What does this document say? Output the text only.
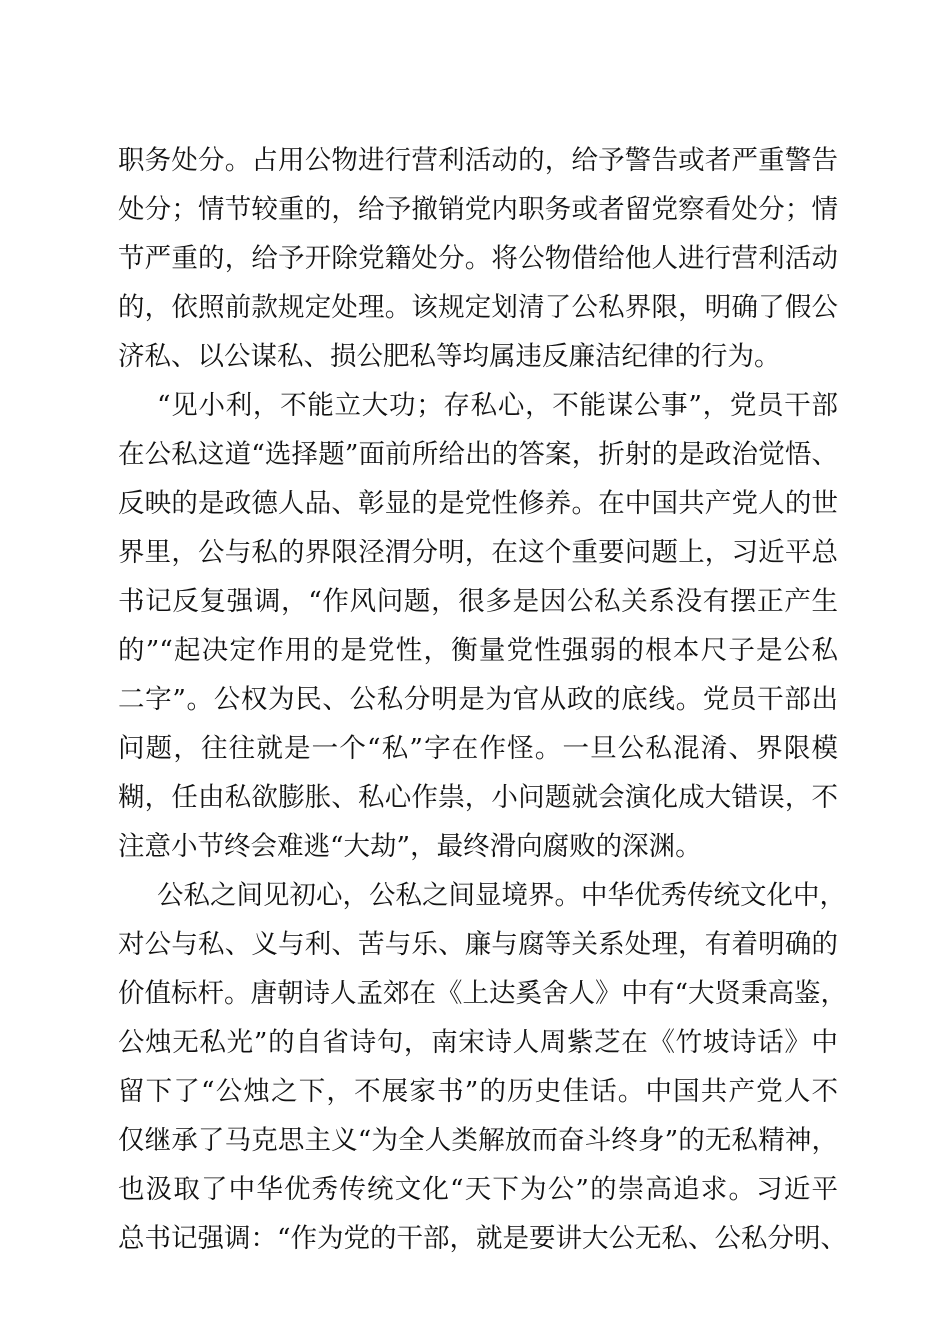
职务处分。占用公物进行营利活动的，给予警告或者严重警告
处分；情节较重的，给予撤销党内职务或者留党察看处分；情
节严重的，给予开除党籍处分。将公物借给他人进行营利活动
的，依照前款规定处理。该规定划清了公私界限，明确了假公
济私、以公谋私、损公肥私等均属违反廉洁纪律的行为。
“见小利，不能立大功；存私心，不能谋公事”，党员干部
在公私这道“选择题”面前所给出的答案，折射的是政治觉悟、
反映的是政德人品、彰显的是党性修养。在中国共产党人的世
界里，公与私的界限泾渭分明，在这个重要问题上，习近平总
书记反复强调，“作风问题，很多是因公私关系没有摆正产生
的”“起决定作用的是党性，衡量党性强弱的根本尺子是公私
二字”。公权为民、公私分明是为官从政的底线。党员干部出
问题，往往就是一个“私”字在作怪。一旦公私混淆、界限模
糊，任由私欲膨胀、私心作祟，小问题就会演化成大错误，不
注意小节终会难逃“大劫”，最终滑向腐败的深渊。
公私之间见初心，公私之间显境界。中华优秀传统文化中，
对公与私、义与利、苦与乐、廉与腐等关系处理，有着明确的
价值标杆。唐朝诗人孟郊在《上达奚舍人》中有“大贤秉高鉴，
公烛无私光”的自省诗句，南宋诗人周紫芝在《竹坡诗话》中
留下了“公烛之下，不展家书”的历史佳话。中国共产党人不
仅继承了马克思主义“为全人类解放而奋斗终身”的无私精神，
也汲取了中华优秀传统文化“天下为公”的崇高追求。习近平
总书记强调：“作为党的干部，就是要讲大公无私、公私分明、
